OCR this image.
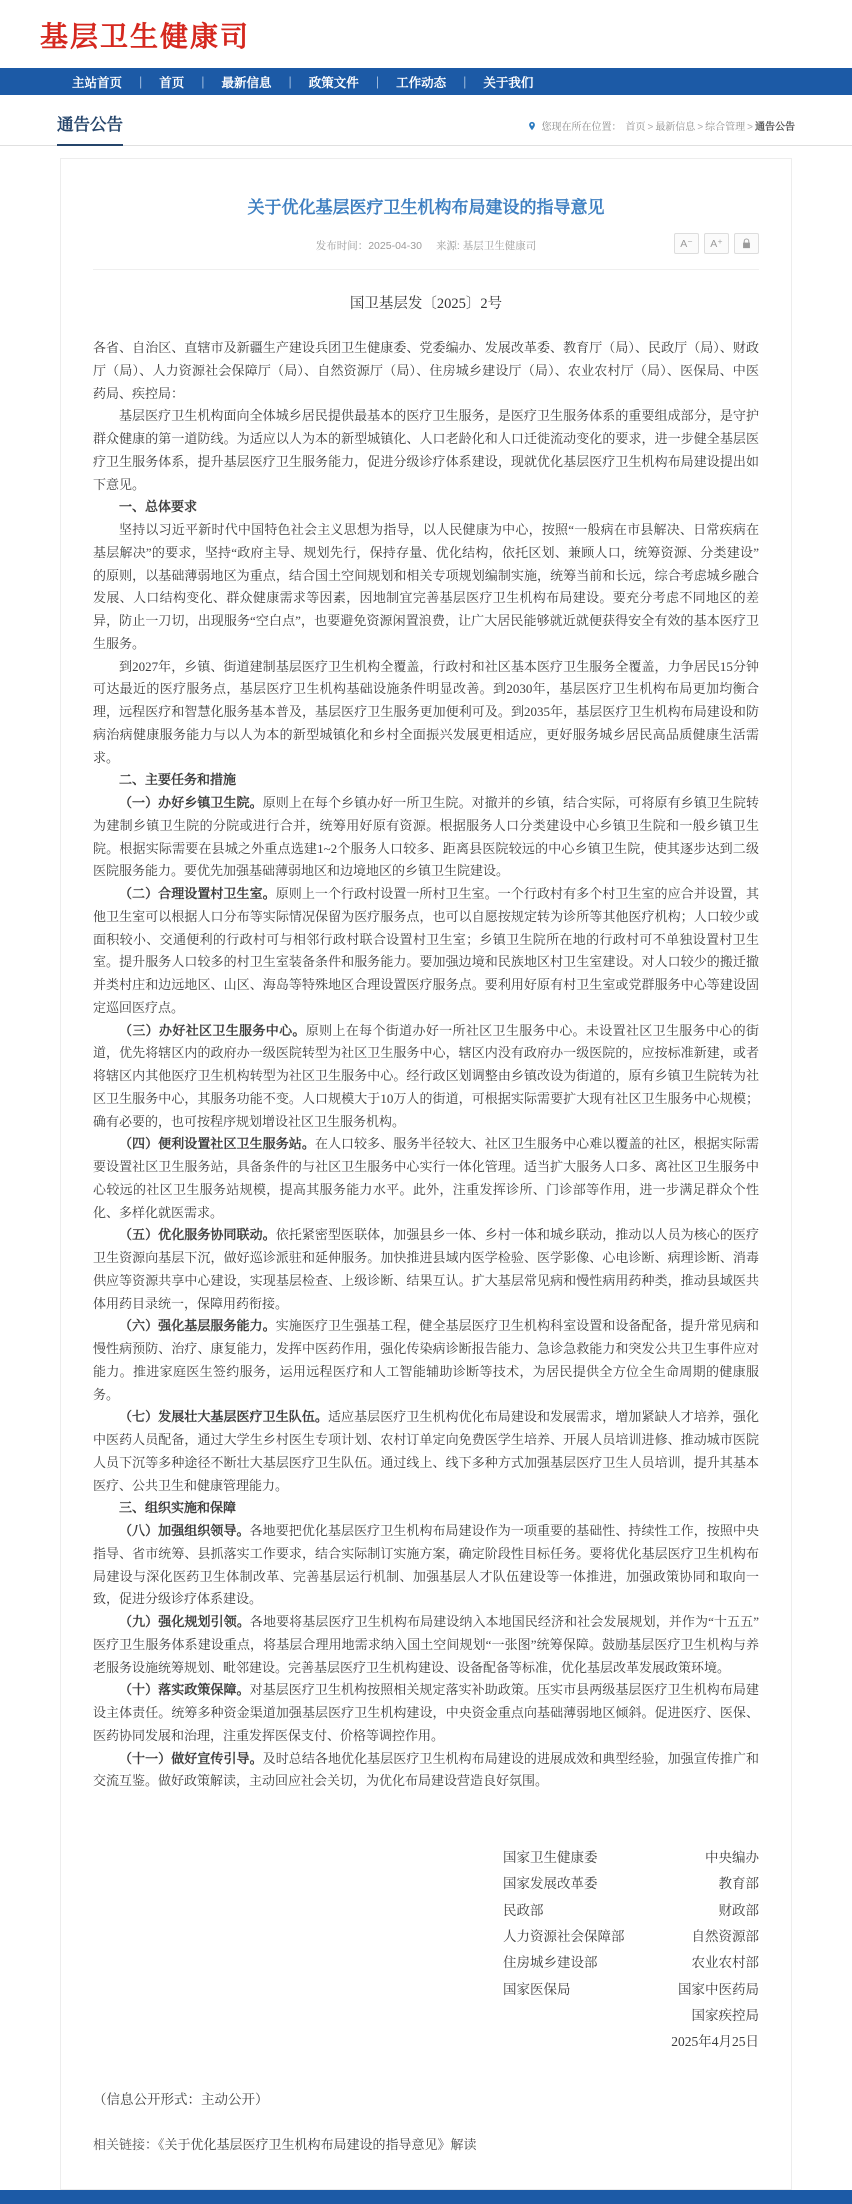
基层卫生健康司
主站首页	|	首页	|	最新信息	|	政策文件	|	工作动态	|	关于我们
通告公告	您现在所在位置： 首页 > 最新信息 > 综合管理 > 通告公告
关于优化基层医疗卫生机构布局建设的指导意见
发布时间：2025-04-30 来源: 基层卫生健康司	A⁻	A⁺
国卫基层发〔2025〕2号

各省、自治区、直辖市及新疆生产建设兵团卫生健康委、党委编办、发展改革委、教育厅（局）、民政厅（局）、财政厅（局）、人力资源社会保障厅（局）、自然资源厅（局）、住房城乡建设厅（局）、农业农村厅（局）、医保局、中医药局、疾控局：

基层医疗卫生机构面向全体城乡居民提供最基本的医疗卫生服务，是医疗卫生服务体系的重要组成部分，是守护群众健康的第一道防线。为适应以人为本的新型城镇化、人口老龄化和人口迁徙流动变化的要求，进一步健全基层医疗卫生服务体系，提升基层医疗卫生服务能力，促进分级诊疗体系建设，现就优化基层医疗卫生机构布局建设提出如下意见。

一、总体要求

坚持以习近平新时代中国特色社会主义思想为指导，以人民健康为中心，按照“一般病在市县解决、日常疾病在基层解决”的要求，坚持“政府主导、规划先行，保持存量、优化结构，依托区划、兼顾人口，统筹资源、分类建设”的原则，以基础薄弱地区为重点，结合国土空间规划和相关专项规划编制实施，统筹当前和长远，综合考虑城乡融合发展、人口结构变化、群众健康需求等因素，因地制宜完善基层医疗卫生机构布局建设。要充分考虑不同地区的差异，防止一刀切，出现服务“空白点”，也要避免资源闲置浪费，让广大居民能够就近就便获得安全有效的基本医疗卫生服务。

到2027年，乡镇、街道建制基层医疗卫生机构全覆盖，行政村和社区基本医疗卫生服务全覆盖，力争居民15分钟可达最近的医疗服务点，基层医疗卫生机构基础设施条件明显改善。到2030年，基层医疗卫生机构布局更加均衡合理，远程医疗和智慧化服务基本普及，基层医疗卫生服务更加便利可及。到2035年，基层医疗卫生机构布局建设和防病治病健康服务能力与以人为本的新型城镇化和乡村全面振兴发展更相适应，更好服务城乡居民高品质健康生活需求。

二、主要任务和措施

（一）办好乡镇卫生院。原则上在每个乡镇办好一所卫生院。对撤并的乡镇，结合实际，可将原有乡镇卫生院转为建制乡镇卫生院的分院或进行合并，统筹用好原有资源。根据服务人口分类建设中心乡镇卫生院和一般乡镇卫生院。根据实际需要在县城之外重点选建1~2个服务人口较多、距离县医院较远的中心乡镇卫生院，使其逐步达到二级医院服务能力。要优先加强基础薄弱地区和边境地区的乡镇卫生院建设。

（二）合理设置村卫生室。原则上一个行政村设置一所村卫生室。一个行政村有多个村卫生室的应合并设置，其他卫生室可以根据人口分布等实际情况保留为医疗服务点，也可以自愿按规定转为诊所等其他医疗机构；人口较少或面积较小、交通便利的行政村可与相邻行政村联合设置村卫生室；乡镇卫生院所在地的行政村可不单独设置村卫生室。提升服务人口较多的村卫生室装备条件和服务能力。要加强边境和民族地区村卫生室建设。对人口较少的搬迁撤并类村庄和边远地区、山区、海岛等特殊地区合理设置医疗服务点。要利用好原有村卫生室或党群服务中心等建设固定巡回医疗点。

（三）办好社区卫生服务中心。原则上在每个街道办好一所社区卫生服务中心。未设置社区卫生服务中心的街道，优先将辖区内的政府办一级医院转型为社区卫生服务中心，辖区内没有政府办一级医院的，应按标准新建，或者将辖区内其他医疗卫生机构转型为社区卫生服务中心。经行政区划调整由乡镇改设为街道的，原有乡镇卫生院转为社区卫生服务中心，其服务功能不变。人口规模大于10万人的街道，可根据实际需要扩大现有社区卫生服务中心规模；确有必要的，也可按程序规划增设社区卫生服务机构。

（四）便利设置社区卫生服务站。在人口较多、服务半径较大、社区卫生服务中心难以覆盖的社区，根据实际需要设置社区卫生服务站，具备条件的与社区卫生服务中心实行一体化管理。适当扩大服务人口多、离社区卫生服务中心较远的社区卫生服务站规模，提高其服务能力水平。此外，注重发挥诊所、门诊部等作用，进一步满足群众个性化、多样化就医需求。

（五）优化服务协同联动。依托紧密型医联体，加强县乡一体、乡村一体和城乡联动，推动以人员为核心的医疗卫生资源向基层下沉，做好巡诊派驻和延伸服务。加快推进县域内医学检验、医学影像、心电诊断、病理诊断、消毒供应等资源共享中心建设，实现基层检查、上级诊断、结果互认。扩大基层常见病和慢性病用药种类，推动县域医共体用药目录统一，保障用药衔接。

（六）强化基层服务能力。实施医疗卫生强基工程，健全基层医疗卫生机构科室设置和设备配备，提升常见病和慢性病预防、治疗、康复能力，发挥中医药作用，强化传染病诊断报告能力、急诊急救能力和突发公共卫生事件应对能力。推进家庭医生签约服务，运用远程医疗和人工智能辅助诊断等技术，为居民提供全方位全生命周期的健康服务。

（七）发展壮大基层医疗卫生队伍。适应基层医疗卫生机构优化布局建设和发展需求，增加紧缺人才培养，强化中医药人员配备，通过大学生乡村医生专项计划、农村订单定向免费医学生培养、开展人员培训进修、推动城市医院人员下沉等多种途径不断壮大基层医疗卫生队伍。通过线上、线下多种方式加强基层医疗卫生人员培训，提升其基本医疗、公共卫生和健康管理能力。

三、组织实施和保障

（八）加强组织领导。各地要把优化基层医疗卫生机构布局建设作为一项重要的基础性、持续性工作，按照中央指导、省市统筹、县抓落实工作要求，结合实际制订实施方案，确定阶段性目标任务。要将优化基层医疗卫生机构布局建设与深化医药卫生体制改革、完善基层运行机制、加强基层人才队伍建设等一体推进，加强政策协同和取向一致，促进分级诊疗体系建设。

（九）强化规划引领。各地要将基层医疗卫生机构布局建设纳入本地国民经济和社会发展规划，并作为“十五五”医疗卫生服务体系建设重点，将基层合理用地需求纳入国土空间规划“一张图”统筹保障。鼓励基层医疗卫生机构与养老服务设施统筹规划、毗邻建设。完善基层医疗卫生机构建设、设备配备等标准，优化基层改革发展政策环境。

（十）落实政策保障。对基层医疗卫生机构按照相关规定落实补助政策。压实市县两级基层医疗卫生机构布局建设主体责任。统筹多种资金渠道加强基层医疗卫生机构建设，中央资金重点向基础薄弱地区倾斜。促进医疗、医保、医药协同发展和治理，注重发挥医保支付、价格等调控作用。

（十一）做好宣传引导。及时总结各地优化基层医疗卫生机构布局建设的进展成效和典型经验，加强宣传推广和交流互鉴。做好政策解读，主动回应社会关切，为优化布局建设营造良好氛围。

国家卫生健康委	中央编办
国家发展改革委	教育部
民政部	财政部
人力资源社会保障部	自然资源部
住房城乡建设部	农业农村部
国家医保局	国家中医药局
国家疾控局
2025年4月25日

（信息公开形式：主动公开）

相关链接：《关于优化基层医疗卫生机构布局建设的指导意见》解读
